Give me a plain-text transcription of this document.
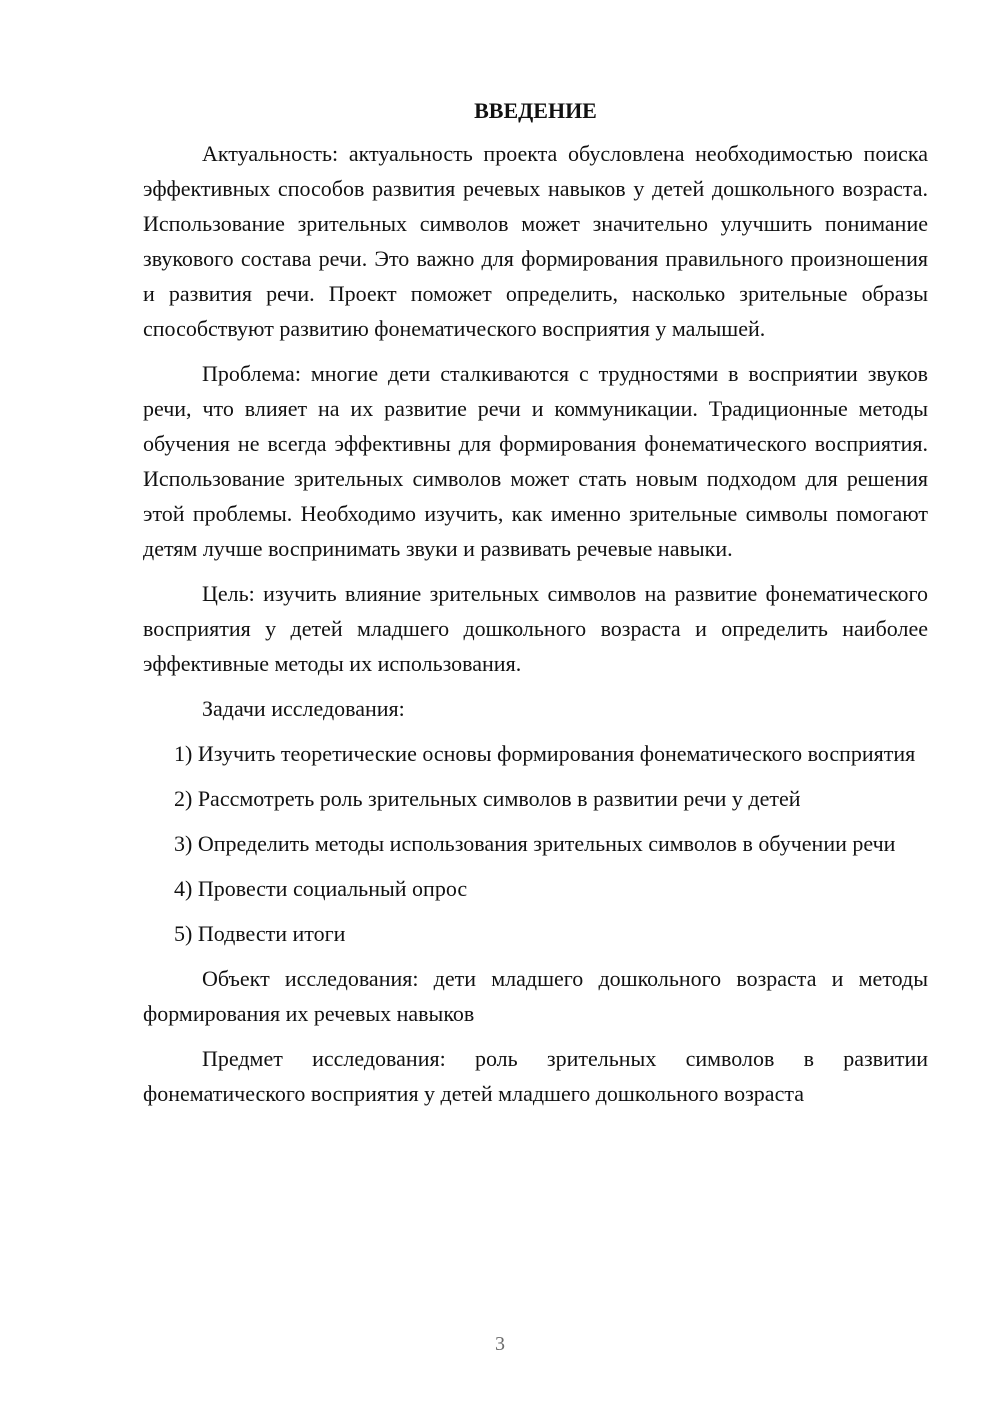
ВВЕДЕНИЕ

Актуальность: актуальность проекта обусловлена необходимостью поиска эффективных способов развития речевых навыков у детей дошкольного возраста. Использование зрительных символов может значительно улучшить понимание звукового состава речи. Это важно для формирования правильного произношения и развития речи. Проект поможет определить, насколько зрительные образы способствуют развитию фонематического восприятия у малышей.

Проблема: многие дети сталкиваются с трудностями в восприятии звуков речи, что влияет на их развитие речи и коммуникации. Традиционные методы обучения не всегда эффективны для формирования фонематического восприятия. Использование зрительных символов может стать новым подходом для решения этой проблемы. Необходимо изучить, как именно зрительные символы помогают детям лучше воспринимать звуки и развивать речевые навыки.

Цель: изучить влияние зрительных символов на развитие фонематического восприятия у детей младшего дошкольного возраста и определить наиболее эффективные методы их использования.

Задачи исследования:

1) Изучить теоретические основы формирования фонематического восприятия

2) Рассмотреть роль зрительных символов в развитии речи у детей

3) Определить методы использования зрительных символов в обучении речи

4) Провести социальный опрос

5) Подвести итоги

Объект исследования: дети младшего дошкольного возраста и методы формирования их речевых навыков

Предмет исследования: роль зрительных символов в развитии фонематического восприятия у детей младшего дошкольного возраста

3
